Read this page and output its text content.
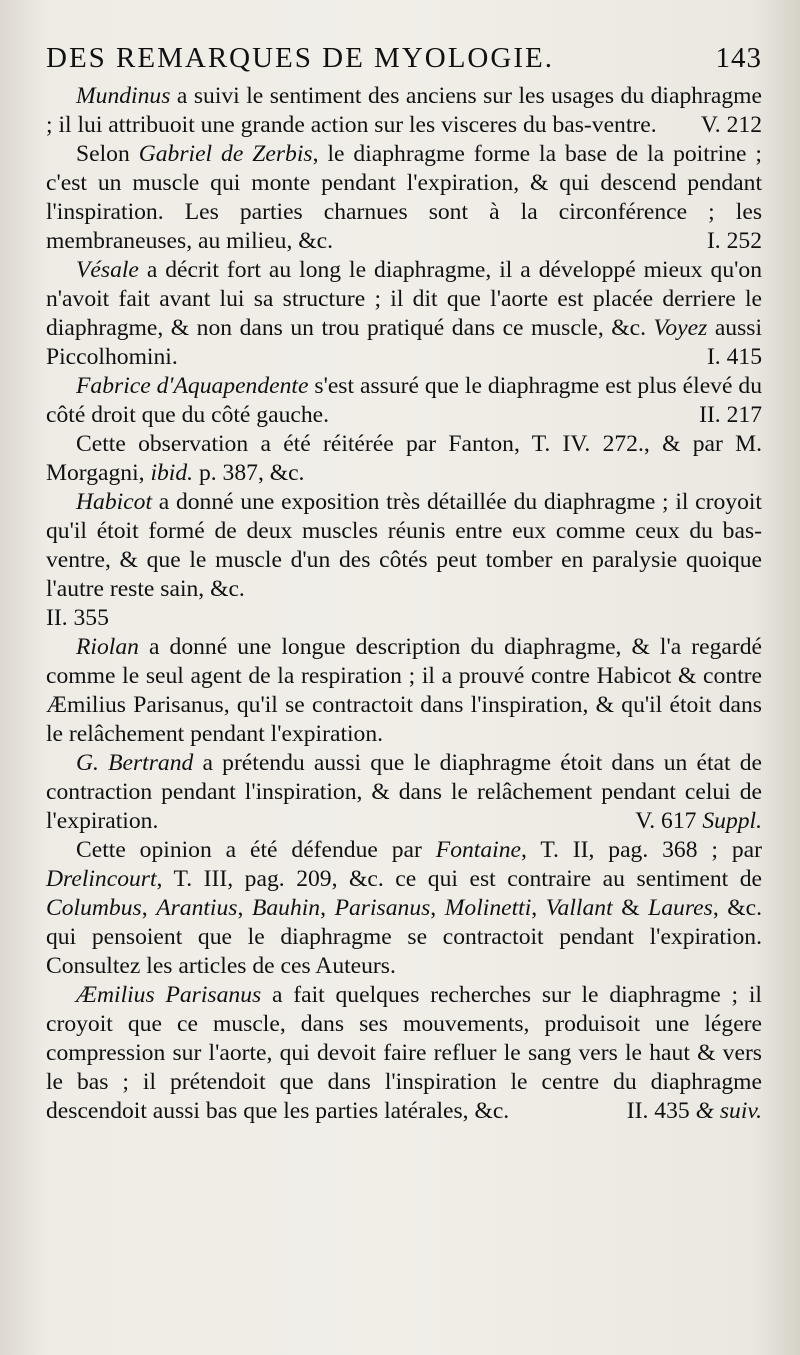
DES REMARQUES DE MYOLOGIE.	143

Mundinus a suivi le sentiment des anciens sur les usages du diaphragme ; il lui attribuoit une grande action sur les visceres du bas-ventre.	V. 212

Selon Gabriel de Zerbis, le diaphragme forme la base de la poitrine ; c'est un muscle qui monte pendant l'expiration, & qui descend pendant l'inspiration. Les parties charnues sont à la circonférence ; les membraneuses, au milieu, &c.	I. 252

Vésale a décrit fort au long le diaphragme, il a développé mieux qu'on n'avoit fait avant lui sa structure ; il dit que l'aorte est placée derriere le diaphragme, & non dans un trou pratiqué dans ce muscle, &c. Voyez aussi Piccolhomini.	I. 415

Fabrice d'Aquapendente s'est assuré que le diaphragme est plus élevé du côté droit que du côté gauche.	II. 217

Cette observation a été réitérée par Fanton, T. IV. 272., & par M. Morgagni, ibid. p. 387, &c.

Habicot a donné une exposition très détaillée du diaphragme ; il croyoit qu'il étoit formé de deux muscles réunis entre eux comme ceux du bas-ventre, & que le muscle d'un des côtés peut tomber en paralysie quoique l'autre reste sain, &c.
II. 355

Riolan a donné une longue description du diaphragme, & l'a regardé comme le seul agent de la respiration ; il a prouvé contre Habicot & contre Æmilius Parisanus, qu'il se contractoit dans l'inspiration, & qu'il étoit dans le relâchement pendant l'expiration.

G. Bertrand a prétendu aussi que le diaphragme étoit dans un état de contraction pendant l'inspiration, & dans le relâchement pendant celui de l'expiration.	V. 617 Suppl.

Cette opinion a été défendue par Fontaine, T. II, pag. 368 ; par Drelincourt, T. III, pag. 209, &c. ce qui est contraire au sentiment de Columbus, Arantius, Bauhin, Parisanus, Molinetti, Vallant & Laures, &c. qui pensoient que le diaphragme se contractoit pendant l'expiration. Consultez les articles de ces Auteurs.

Æmilius Parisanus a fait quelques recherches sur le diaphragme ; il croyoit que ce muscle, dans ses mouvements, produisoit une légere compression sur l'aorte, qui devoit faire refluer le sang vers le haut & vers le bas ; il prétendoit que dans l'inspiration le centre du diaphragme descendoit aussi bas que les parties latérales, &c.	II. 435 & suiv.
